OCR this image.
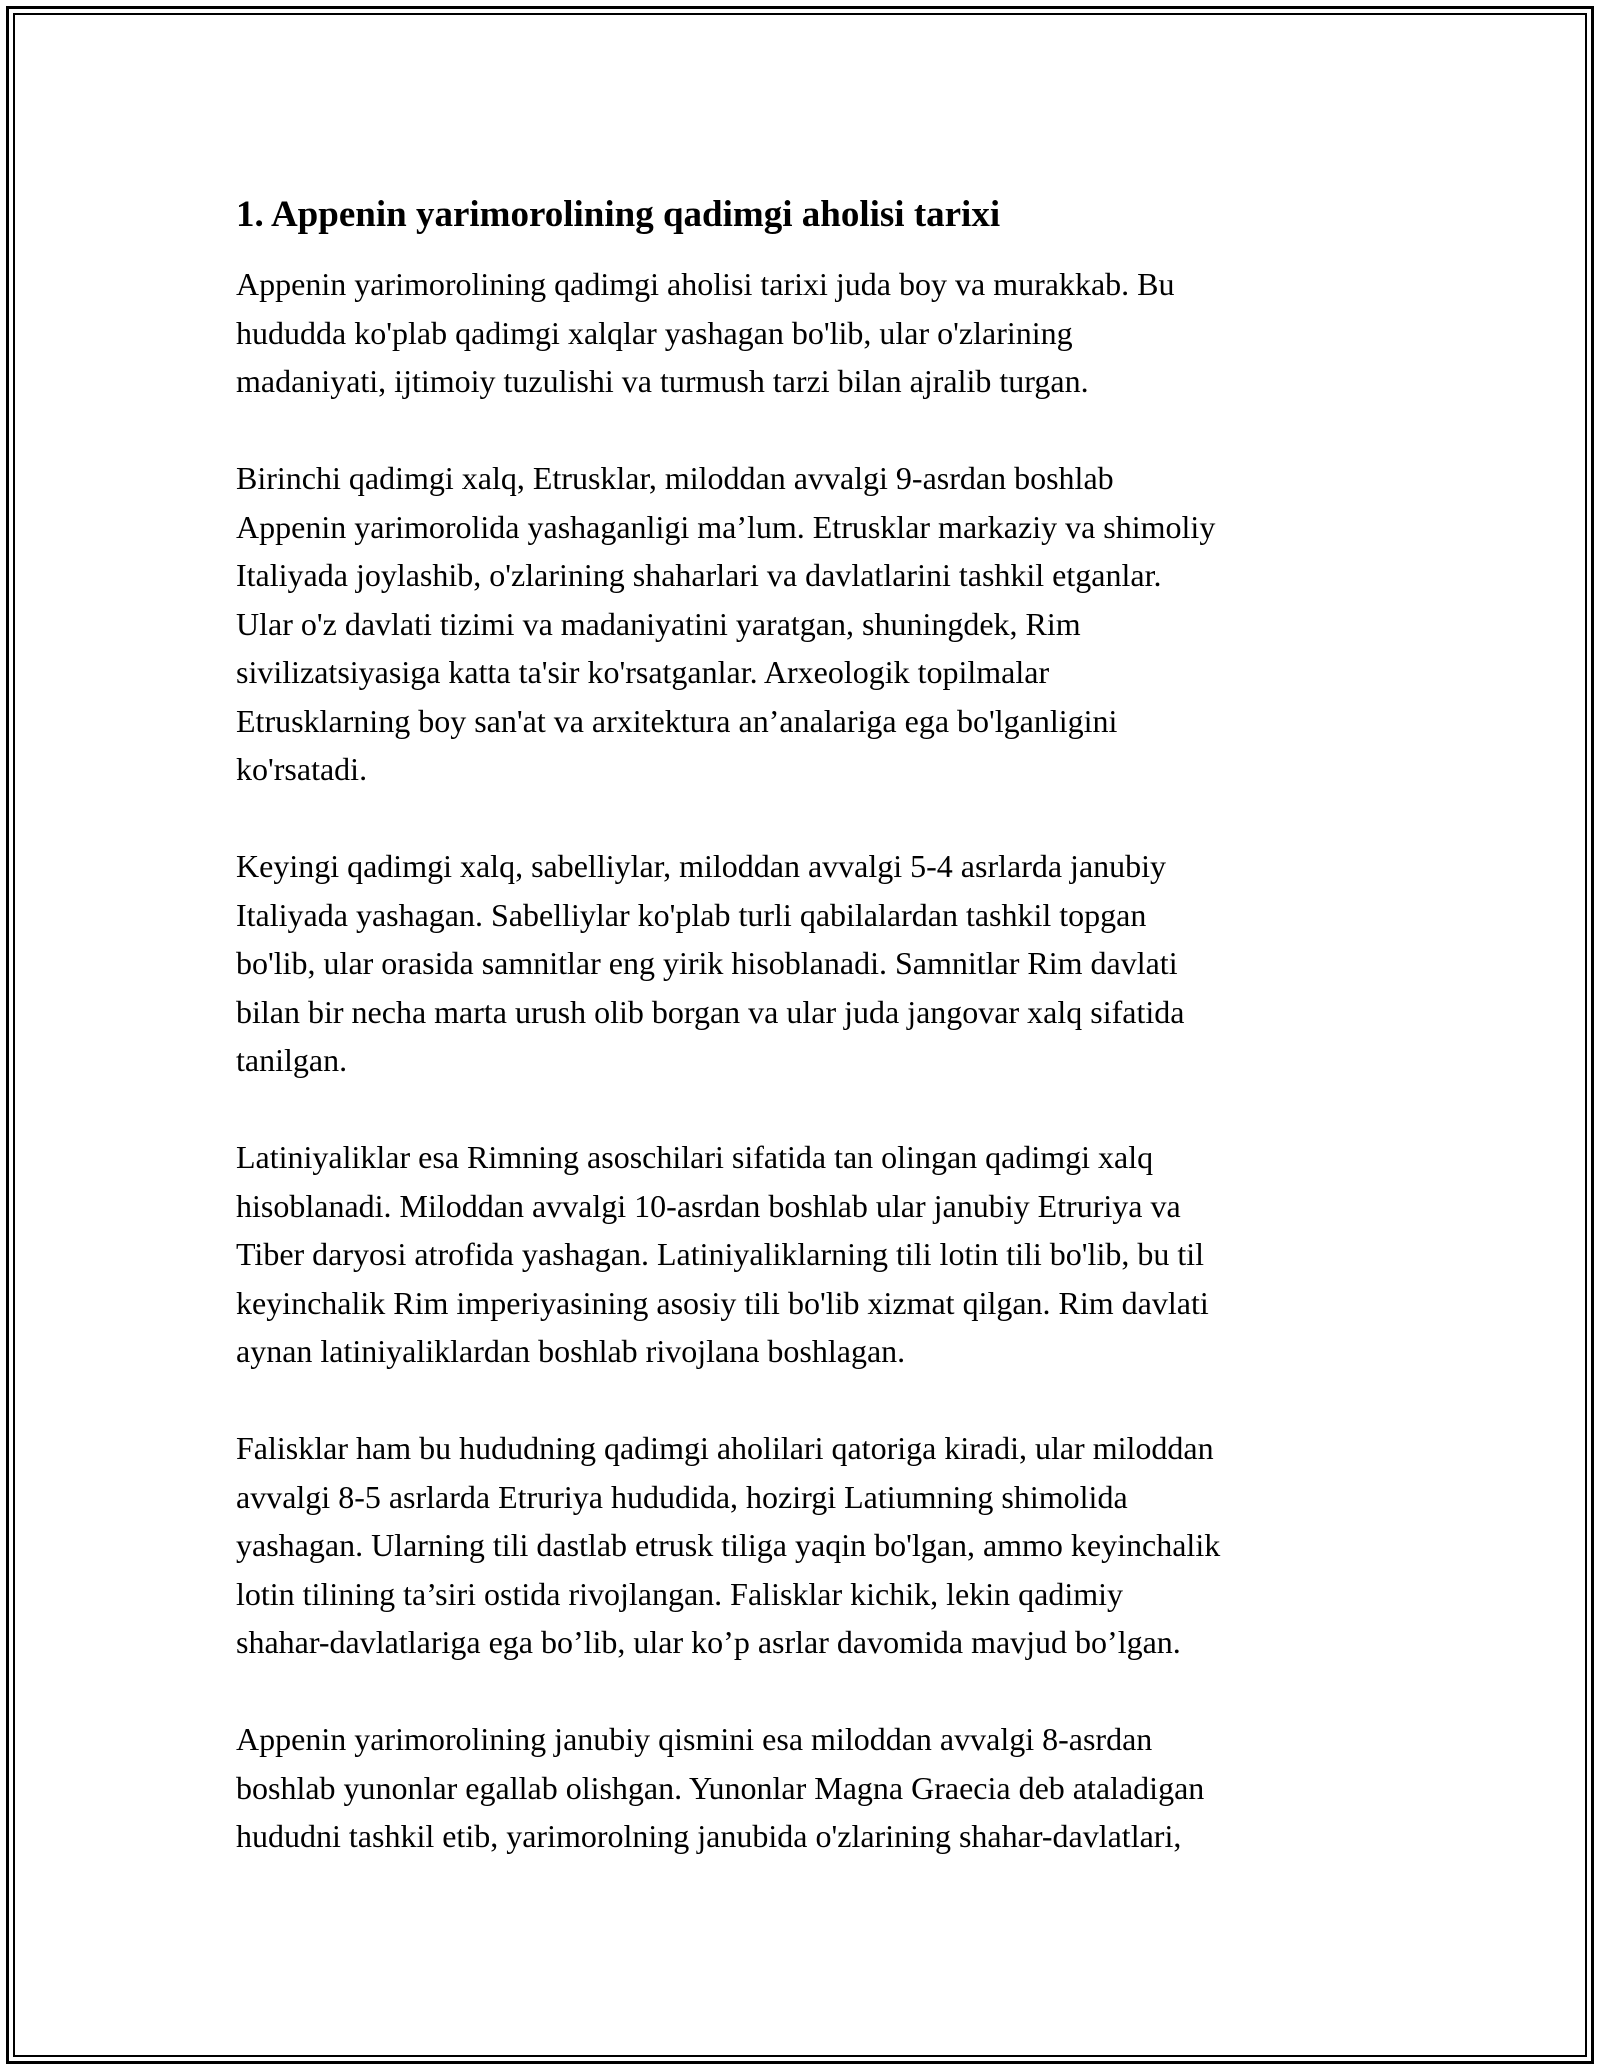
1. Appenin yarimorolining qadimgi aholisi tarixi
Appenin yarimorolining qadimgi aholisi tarixi juda boy va murakkab. Bu
hududda ko'plab qadimgi xalqlar yashagan bo'lib, ular o'zlarining
madaniyati, ijtimoiy tuzulishi va turmush tarzi bilan ajralib turgan.
Birinchi qadimgi xalq, Etrusklar, miloddan avvalgi 9-asrdan boshlab
Appenin yarimorolida yashaganligi ma’lum. Etrusklar markaziy va shimoliy
Italiyada joylashib, o'zlarining shaharlari va davlatlarini tashkil etganlar.
Ular o'z davlati tizimi va madaniyatini yaratgan, shuningdek, Rim
sivilizatsiyasiga katta ta'sir ko'rsatganlar. Arxeologik topilmalar
Etrusklarning boy san'at va arxitektura an’analariga ega bo'lganligini
ko'rsatadi.
Keyingi qadimgi xalq, sabelliylar, miloddan avvalgi 5-4 asrlarda janubiy
Italiyada yashagan. Sabelliylar ko'plab turli qabilalardan tashkil topgan
bo'lib, ular orasida samnitlar eng yirik hisoblanadi. Samnitlar Rim davlati
bilan bir necha marta urush olib borgan va ular juda jangovar xalq sifatida
tanilgan.
Latiniyaliklar esa Rimning asoschilari sifatida tan olingan qadimgi xalq
hisoblanadi. Miloddan avvalgi 10-asrdan boshlab ular janubiy Etruriya va
Tiber daryosi atrofida yashagan. Latiniyaliklarning tili lotin tili bo'lib, bu til
keyinchalik Rim imperiyasining asosiy tili bo'lib xizmat qilgan. Rim davlati
aynan latiniyaliklardan boshlab rivojlana boshlagan.
Falisklar ham bu hududning qadimgi aholilari qatoriga kiradi, ular miloddan
avvalgi 8-5 asrlarda Etruriya hududida, hozirgi Latiumning shimolida
yashagan. Ularning tili dastlab etrusk tiliga yaqin bo'lgan, ammo keyinchalik
lotin tilining ta’siri ostida rivojlangan. Falisklar kichik, lekin qadimiy
shahar-davlatlariga ega bo’lib, ular ko’p asrlar davomida mavjud bo’lgan.
Appenin yarimorolining janubiy qismini esa miloddan avvalgi 8-asrdan
boshlab yunonlar egallab olishgan. Yunonlar Magna Graecia deb ataladigan
hududni tashkil etib, yarimorolning janubida o'zlarining shahar-davlatlari,
